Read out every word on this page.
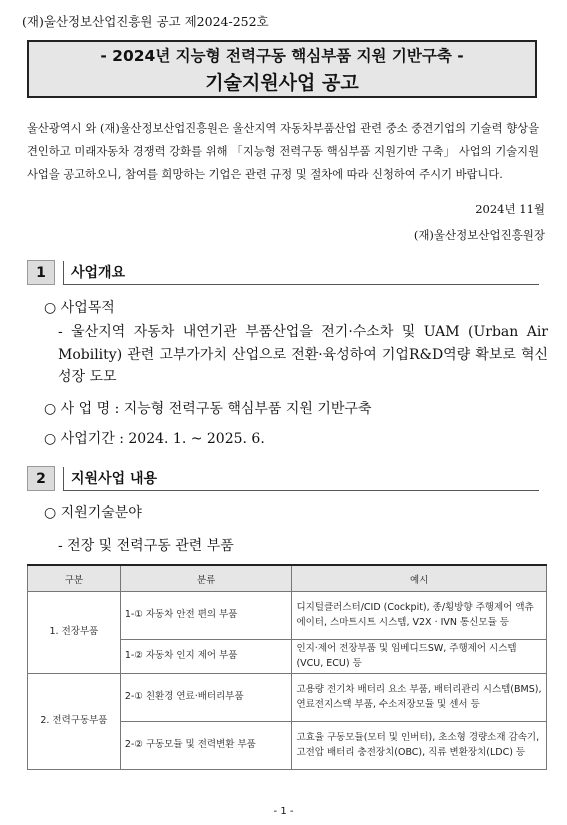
(재)울산정보산업진흥원 공고 제2024-252호
- 2024년 지능형 전력구동 핵심부품 지원 기반구축 -
기술지원사업 공고
울산광역시 와 (재)울산정보산업진흥원은 울산지역 자동차부품산업 관련 중소 중견기업의 기술력 향상을 견인하고 미래자동차 경쟁력 강화를 위해 「지능형 전력구동 핵심부품 지원기반 구축」 사업의 기술지원사업을 공고하오니, 참여를 희망하는 기업은 관련 규정 및 절차에 따라 신청하여 주시기 바랍니다.
2024년 11월
(재)울산정보산업진흥원장
1	사업개요
○ 사업목적
- 울산지역 자동차 내연기관 부품산업을 전기·수소차 및 UAM (Urban Air Mobility) 관련 고부가가치 산업으로 전환·육성하여 기업R&D역량 확보로 혁신성장 도모
○ 사 업 명 : 지능형 전력구동 핵심부품 지원 기반구축
○ 사업기간 : 2024. 1. ~ 2025. 6.
2	지원사업 내용
○ 지원기술분야
- 전장 및 전력구동 관련 부품
구분	분류	예시
1. 전장부품	1-① 자동차 안전 편의 부품	디지털클러스터/CID (Cockpit), 종/횡방향 주행제어 액츄에이터, 스마트시트 시스템, V2X · IVN 통신모듈 등
	1-② 자동차 인지 제어 부품	인지·제어 전장부품 및 임베디드SW, 주행제어 시스템(VCU, ECU) 등
2. 전력구동부품	2-① 친환경 연료·배터리부품	고용량 전기차 배터리 요소 부품, 배터리관리 시스템(BMS), 연료전지스택 부품, 수소저장모듈 및 센서 등
	2-② 구동모듈 및 전력변환 부품	고효율 구동모듈(모터 및 인버터), 초소형 경량소재 감속기, 고전압 배터리 충전장치(OBC), 직류 변환장치(LDC) 등
- 1 -
